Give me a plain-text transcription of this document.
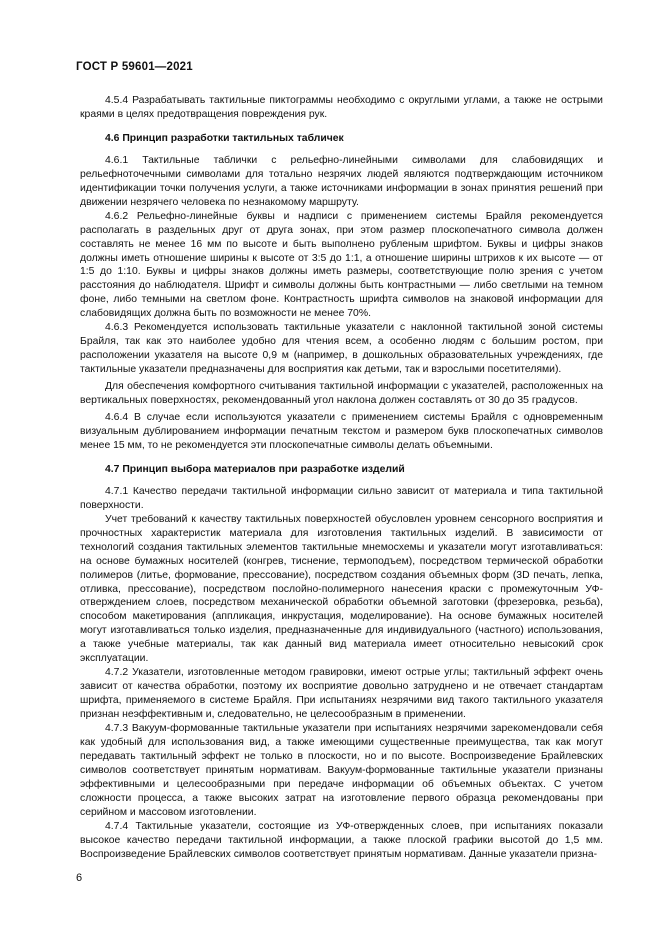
ГОСТ Р 59601—2021

4.5.4 Разрабатывать тактильные пиктограммы необходимо с округлыми углами, а также не острыми краями в целях предотвращения повреждения рук.

4.6 Принцип разработки тактильных табличек

4.6.1 Тактильные таблички с рельефно-линейными символами для слабовидящих и рельефноточечными символами для тотально незрячих людей являются подтверждающим источником идентификации точки получения услуги, а также источниками информации в зонах принятия решений при движении незрячего человека по незнакомому маршруту.

4.6.2 Рельефно-линейные буквы и надписи с применением системы Брайля рекомендуется располагать в раздельных друг от друга зонах, при этом размер плоскопечатного символа должен составлять не менее 16 мм по высоте и быть выполнено рубленым шрифтом. Буквы и цифры знаков должны иметь отношение ширины к высоте от 3:5 до 1:1, а отношение ширины штрихов к их высоте — от 1:5 до 1:10. Буквы и цифры знаков должны иметь размеры, соответствующие полю зрения с учетом расстояния до наблюдателя. Шрифт и символы должны быть контрастными — либо светлыми на темном фоне, либо темными на светлом фоне. Контрастность шрифта символов на знаковой информации для слабовидящих должна быть по возможности не менее 70%.

4.6.3 Рекомендуется использовать тактильные указатели с наклонной тактильной зоной системы Брайля, так как это наиболее удобно для чтения всем, а особенно людям с большим ростом, при расположении указателя на высоте 0,9 м (например, в дошкольных образовательных учреждениях, где тактильные указатели предназначены для восприятия как детьми, так и взрослыми посетителями).

Для обеспечения комфортного считывания тактильной информации с указателей, расположенных на вертикальных поверхностях, рекомендованный угол наклона должен составлять от 30 до 35 градусов.

4.6.4 В случае если используются указатели с применением системы Брайля с одновременным визуальным дублированием информации печатным текстом и размером букв плоскопечатных символов менее 15 мм, то не рекомендуется эти плоскопечатные символы делать объемными.

4.7 Принцип выбора материалов при разработке изделий

4.7.1 Качество передачи тактильной информации сильно зависит от материала и типа тактильной поверхности.

Учет требований к качеству тактильных поверхностей обусловлен уровнем сенсорного восприятия и прочностных характеристик материала для изготовления тактильных изделий. В зависимости от технологий создания тактильных элементов тактильные мнемосхемы и указатели могут изготавливаться: на основе бумажных носителей (конгрев, тиснение, термоподъем), посредством термической обработки полимеров (литье, формование, прессование), посредством создания объемных форм (3D печать, лепка, отливка, прессование), посредством послойно-полимерного нанесения краски с промежуточным УФ-отверждением слоев, посредством механической обработки объемной заготовки (фрезеровка, резьба), способом макетирования (аппликация, инкрустация, моделирование). На основе бумажных носителей могут изготавливаться только изделия, предназначенные для индивидуального (частного) использования, а также учебные материалы, так как данный вид материала имеет относительно невысокий срок эксплуатации.

4.7.2 Указатели, изготовленные методом гравировки, имеют острые углы; тактильный эффект очень зависит от качества обработки, поэтому их восприятие довольно затруднено и не отвечает стандартам шрифта, применяемого в системе Брайля. При испытаниях незрячими вид такого тактильного указателя признан неэффективным и, следовательно, не целесообразным в применении.

4.7.3 Вакуум-формованные тактильные указатели при испытаниях незрячими зарекомендовали себя как удобный для использования вид, а также имеющими существенные преимущества, так как могут передавать тактильный эффект не только в плоскости, но и по высоте. Воспроизведение Брайлевских символов соответствует принятым нормативам. Вакуум-формованные тактильные указатели признаны эффективными и целесообразными при передаче информации об объемных объектах. С учетом сложности процесса, а также высоких затрат на изготовление первого образца рекомендованы при серийном и массовом изготовлении.

4.7.4 Тактильные указатели, состоящие из УФ-отвержденных слоев, при испытаниях показали высокое качество передачи тактильной информации, а также плоской графики высотой до 1,5 мм. Воспроизведение Брайлевских символов соответствует принятым нормативам. Данные указатели призна-

6
